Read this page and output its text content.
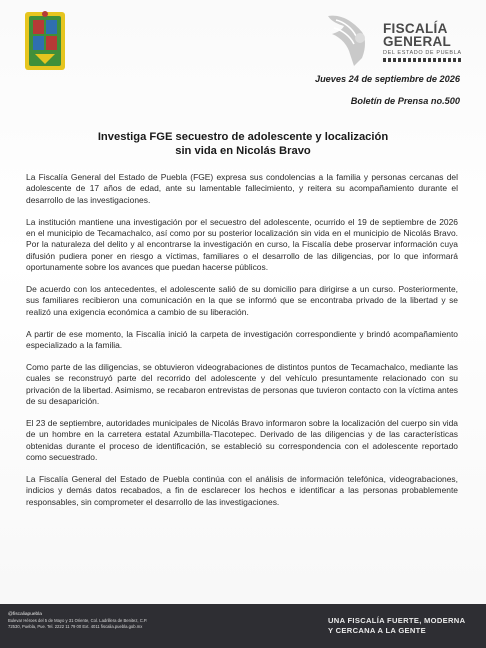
FISCALÍA
GENERAL
DEL ESTADO DE PUEBLA
Jueves 24 de septiembre de 2026
Boletín de Prensa no.500
Investiga FGE secuestro de adolescente y localización
sin vida en Nicolás Bravo

La Fiscalía General del Estado de Puebla (FGE) expresa sus condolencias a la familia y personas cercanas del adolescente de 17 años de edad, ante su lamentable fallecimiento, y reitera su acompañamiento durante el desarrollo de las investigaciones.

La institución mantiene una investigación por el secuestro del adolescente, ocurrido el 19 de septiembre de 2026 en el municipio de Tecamachalco, así como por su posterior localización sin vida en el municipio de Nicolás Bravo. Por la naturaleza del delito y al encontrarse la investigación en curso, la Fiscalía debe proservar información cuya difusión pudiera poner en riesgo a víctimas, familiares o el desarrollo de las diligencias, por lo que informará oportunamente sobre los avances que puedan hacerse públicos.

De acuerdo con los antecedentes, el adolescente salió de su domicilio para dirigirse a un curso. Posteriormente, sus familiares recibieron una comunicación en la que se informó que se encontraba privado de la libertad y se realizó una exigencia económica a cambio de su liberación.

A partir de ese momento, la Fiscalía inició la carpeta de investigación correspondiente y brindó acompañamiento especializado a la familia.

Como parte de las diligencias, se obtuvieron videograbaciones de distintos puntos de Tecamachalco, mediante las cuales se reconstruyó parte del recorrido del adolescente y del vehículo presuntamente relacionado con su privación de la libertad. Asimismo, se recabaron entrevistas de personas que tuvieron contacto con la víctima antes de su desaparición.

El 23 de septiembre, autoridades municipales de Nicolás Bravo informaron sobre la localización del cuerpo sin vida de un hombre en la carretera estatal Azumbilla-Tlacotepec. Derivado de las diligencias y de las características obtenidas durante el proceso de identificación, se estableció su correspondencia con el adolescente reportado como secuestrado.

La Fiscalía General del Estado de Puebla continúa con el análisis de información telefónica, videograbaciones, indicios y demás datos recabados, a fin de esclarecer los hechos e identificar a las personas probablemente responsables, sin comprometer el desarrollo de las investigaciones.

@fiscaliapuebla
Bulevar Héroes del 5 de Mayo y 31 Oriente, Col. Ladrillera de Benitez, C.P.
72530, Puebla, Pue. Tel. 2222 11 79 00 Ext. 4011 fiscalia.puebla.gob.mx
UNA FISCALÍA FUERTE, MODERNA
Y CERCANA A LA GENTE
